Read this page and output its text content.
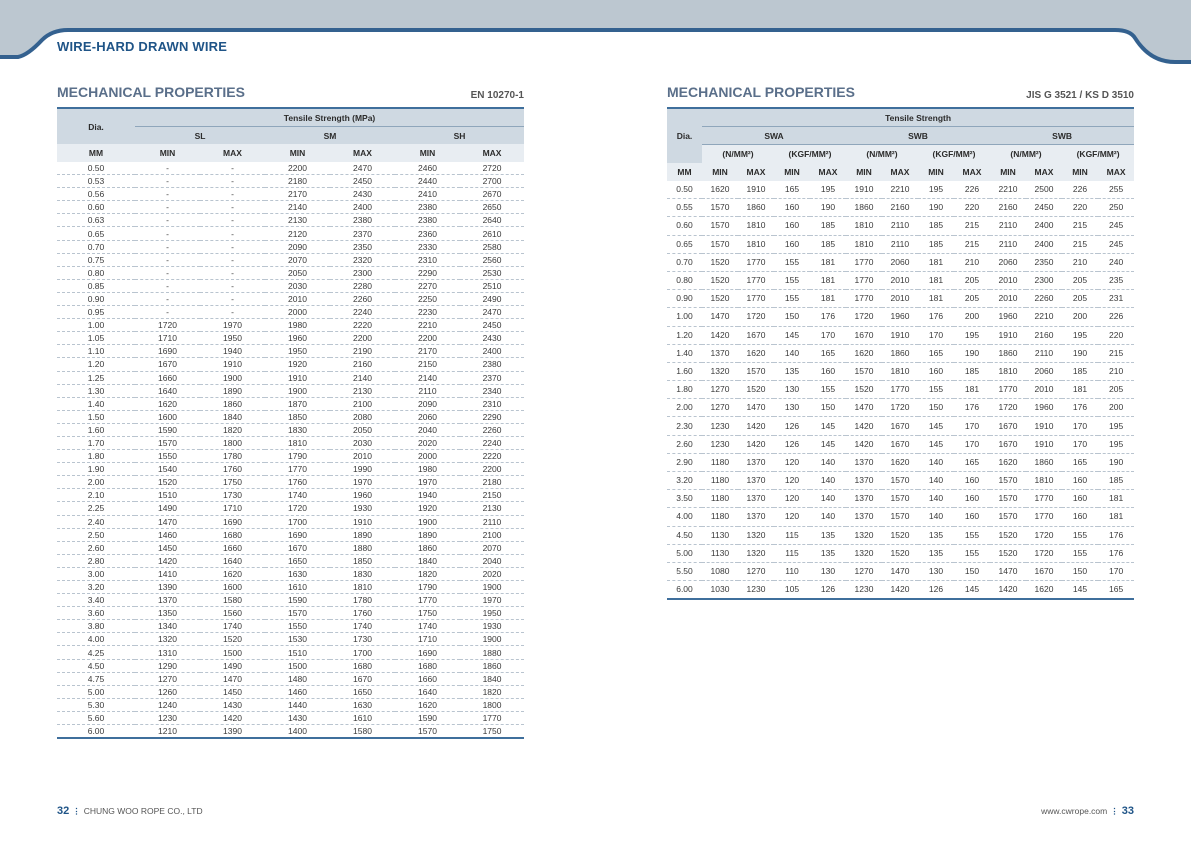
WIRE-HARD DRAWN WIRE
MECHANICAL PROPERTIES	EN 10270-1	MECHANICAL PROPERTIES	JIS G 3521 / KS D 3510
Dia.	Tensile Strength (MPa)					
	SL		SM		SH	
MM	MIN	MAX	MIN	MAX	MIN	MAX
0.50	-	-	2200	2470	2460	2720
0.53	-	-	2180	2450	2440	2700
0.56	-	-	2170	2430	2410	2670
0.60	-	-	2140	2400	2380	2650
0.63	-	-	2130	2380	2380	2640
0.65	-	-	2120	2370	2360	2610
0.70	-	-	2090	2350	2330	2580
0.75	-	-	2070	2320	2310	2560
0.80	-	-	2050	2300	2290	2530
0.85	-	-	2030	2280	2270	2510
0.90	-	-	2010	2260	2250	2490
0.95	-	-	2000	2240	2230	2470
1.00	1720	1970	1980	2220	2210	2450
1.05	1710	1950	1960	2200	2200	2430
1.10	1690	1940	1950	2190	2170	2400
1.20	1670	1910	1920	2160	2150	2380
1.25	1660	1900	1910	2140	2140	2370
1.30	1640	1890	1900	2130	2110	2340
1.40	1620	1860	1870	2100	2090	2310
1.50	1600	1840	1850	2080	2060	2290
1.60	1590	1820	1830	2050	2040	2260
1.70	1570	1800	1810	2030	2020	2240
1.80	1550	1780	1790	2010	2000	2220
1.90	1540	1760	1770	1990	1980	2200
2.00	1520	1750	1760	1970	1970	2180
2.10	1510	1730	1740	1960	1940	2150
2.25	1490	1710	1720	1930	1920	2130
2.40	1470	1690	1700	1910	1900	2110
2.50	1460	1680	1690	1890	1890	2100
2.60	1450	1660	1670	1880	1860	2070
2.80	1420	1640	1650	1850	1840	2040
3.00	1410	1620	1630	1830	1820	2020
3.20	1390	1600	1610	1810	1790	1900
3.40	1370	1580	1590	1780	1770	1970
3.60	1350	1560	1570	1760	1750	1950
3.80	1340	1740	1550	1740	1740	1930
4.00	1320	1520	1530	1730	1710	1900
4.25	1310	1500	1510	1700	1690	1880
4.50	1290	1490	1500	1680	1680	1860
4.75	1270	1470	1480	1670	1660	1840
5.00	1260	1450	1460	1650	1640	1820
5.30	1240	1430	1440	1630	1620	1800
5.60	1230	1420	1430	1610	1590	1770
6.00	1210	1390	1400	1580	1570	1750
Dia.	Tensile Strength											
	SWA				SWB				SWB			
	(N/MM²)		(KGF/MM²)		(N/MM²)		(KGF/MM²)		(N/MM²)		(KGF/MM²)	
MM	MIN	MAX	MIN	MAX	MIN	MAX	MIN	MAX	MIN	MAX	MIN	MAX
0.50	1620	1910	165	195	1910	2210	195	226	2210	2500	226	255
0.55	1570	1860	160	190	1860	2160	190	220	2160	2450	220	250
0.60	1570	1810	160	185	1810	2110	185	215	2110	2400	215	245
0.65	1570	1810	160	185	1810	2110	185	215	2110	2400	215	245
0.70	1520	1770	155	181	1770	2060	181	210	2060	2350	210	240
0.80	1520	1770	155	181	1770	2010	181	205	2010	2300	205	235
0.90	1520	1770	155	181	1770	2010	181	205	2010	2260	205	231
1.00	1470	1720	150	176	1720	1960	176	200	1960	2210	200	226
1.20	1420	1670	145	170	1670	1910	170	195	1910	2160	195	220
1.40	1370	1620	140	165	1620	1860	165	190	1860	2110	190	215
1.60	1320	1570	135	160	1570	1810	160	185	1810	2060	185	210
1.80	1270	1520	130	155	1520	1770	155	181	1770	2010	181	205
2.00	1270	1470	130	150	1470	1720	150	176	1720	1960	176	200
2.30	1230	1420	126	145	1420	1670	145	170	1670	1910	170	195
2.60	1230	1420	126	145	1420	1670	145	170	1670	1910	170	195
2.90	1180	1370	120	140	1370	1620	140	165	1620	1860	165	190
3.20	1180	1370	120	140	1370	1570	140	160	1570	1810	160	185
3.50	1180	1370	120	140	1370	1570	140	160	1570	1770	160	181
4.00	1180	1370	120	140	1370	1570	140	160	1570	1770	160	181
4.50	1130	1320	115	135	1320	1520	135	155	1520	1720	155	176
5.00	1130	1320	115	135	1320	1520	135	155	1520	1720	155	176
5.50	1080	1270	110	130	1270	1470	130	150	1470	1670	150	170
6.00	1030	1230	105	126	1230	1420	126	145	1420	1620	145	165
32 ⋮ CHUNG WOO ROPE CO., LTD	www.cwrope.com ⋮ 33
